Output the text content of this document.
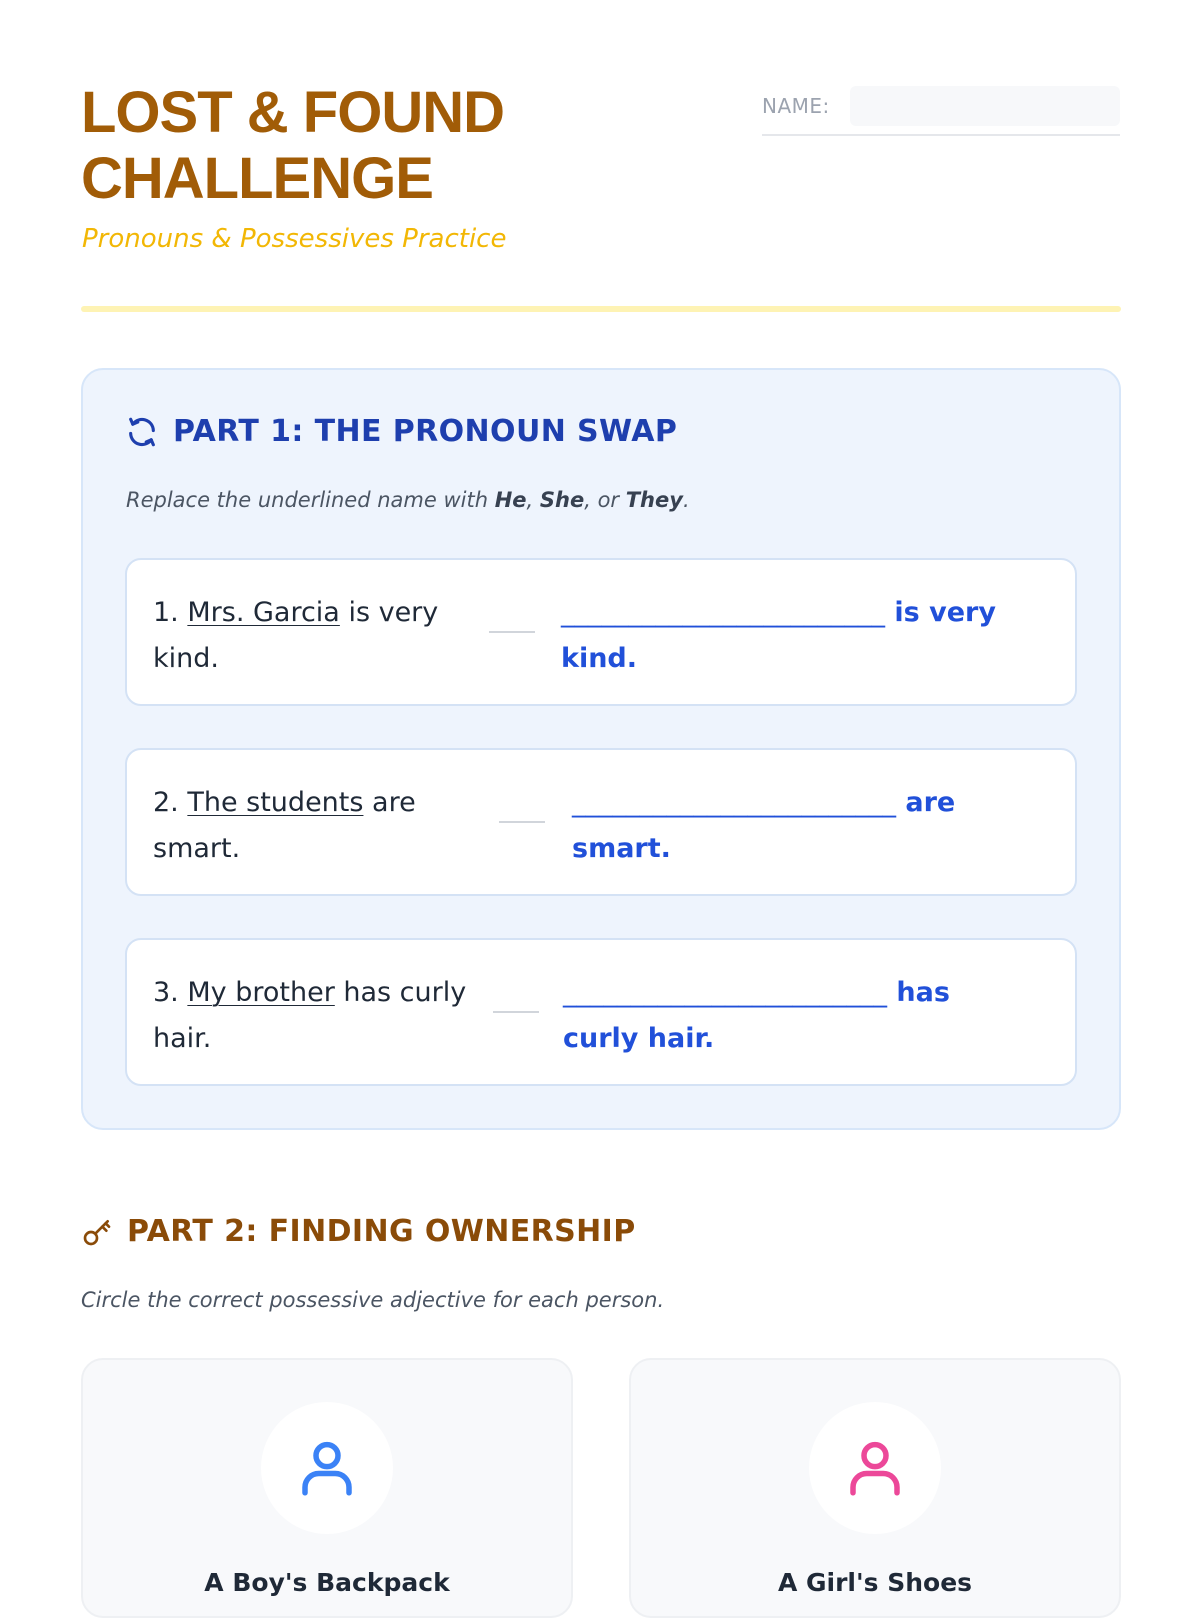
LOST & FOUND CHALLENGE

Pronouns & Possessives Practice

NAME:
PART 1: THE PRONOUN SWAP
Replace the underlined name with He, She, or They.
1. Mrs. Garcia is very kind.
________________________ is very kind.
2. The students are smart.
________________________ are smart.
3. My brother has curly hair.
________________________ has curly hair.
PART 2: FINDING OWNERSHIP
Circle the correct possessive adjective for each person.
A Boy's Backpack	A Girl's Shoes
